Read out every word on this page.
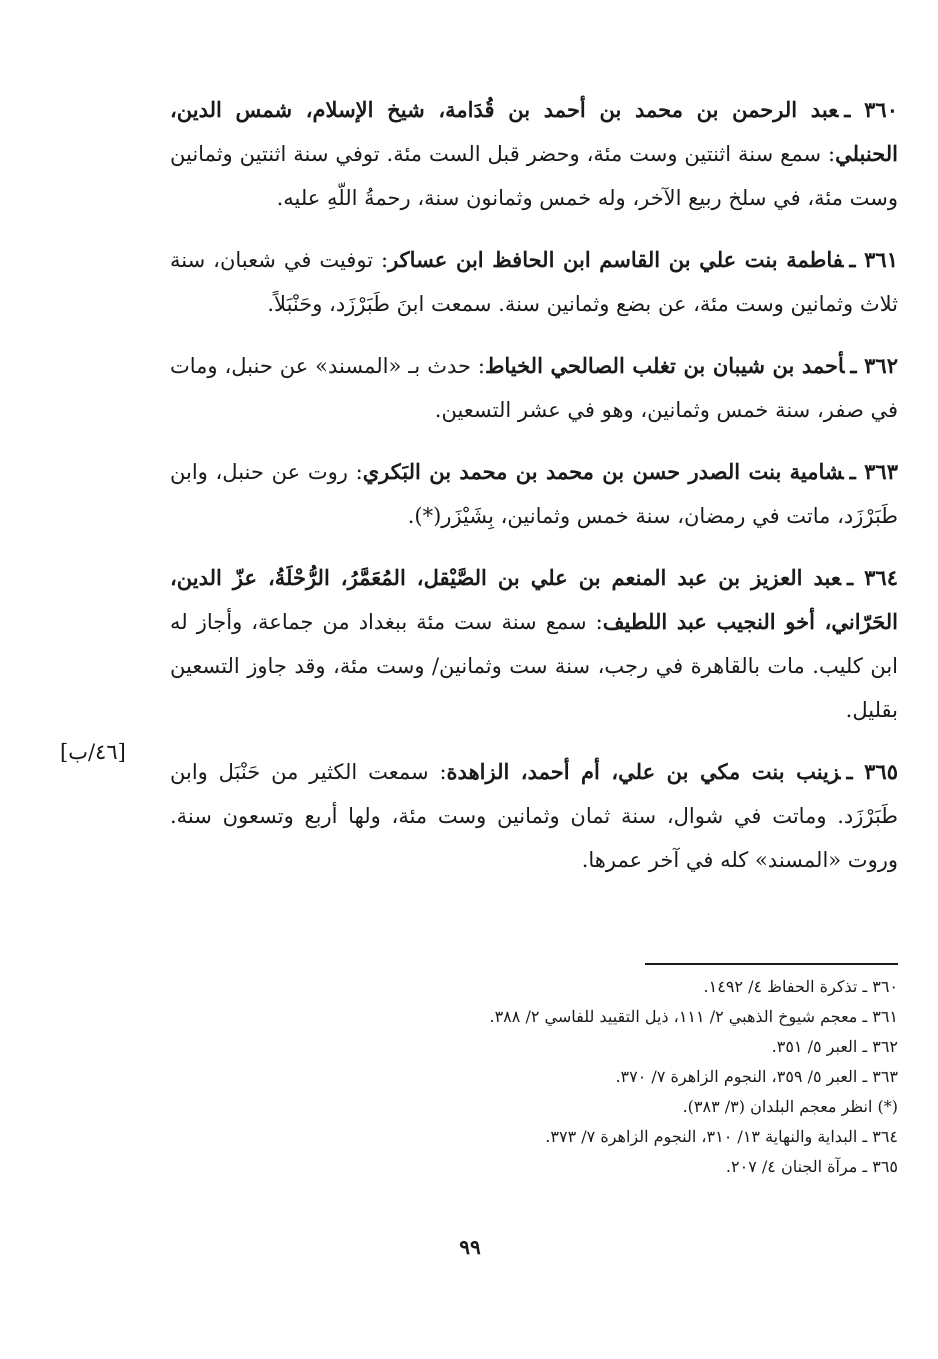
٣٦٠ ـعبد الرحمن بن محمد بن أحمد بن قُدَامة، شيخ الإسلام، شمس الدين، الحنبلي: سمع سنة اثنتين وست مئة، وحضر قبل الست مئة. توفي سنة اثنتين وثمانين وست مئة، في سلخ ربيع الآخر، وله خمس وثمانون سنة، رحمةُ اللّهِ عليه.

٣٦١ ـفاطمة بنت علي بن القاسم ابن الحافظ ابن عساكر: توفيت في شعبان، سنة ثلاث وثمانين وست مئة، عن بضع وثمانين سنة. سمعت ابنَ طَبَرْزَد، وحَنْبَلاً.

٣٦٢ ـأحمد بن شيبان بن تغلب الصالحي الخياط: حدث بـ «المسند» عن حنبل، ومات في صفر، سنة خمس وثمانين، وهو في عشر التسعين.

٣٦٣ ـشامية بنت الصدر حسن بن محمد بن محمد بن البَكري: روت عن حنبل، وابن طَبَرْزَد، ماتت في رمضان، سنة خمس وثمانين، بِشَيْزَر(*).

٣٦٤ ـعبد العزيز بن عبد المنعم بن علي بن الصَّيْقل، المُعَمَّرُ، الرُّحْلَةُ، عزّ الدين، الحَرّاني، أخو النجيب عبد اللطيف: سمع سنة ست مئة ببغداد من جماعة، وأجاز له ابن كليب. مات بالقاهرة في رجب، سنة ست وثمانين/ وست مئة، وقد جاوز التسعين بقليل.

٣٦٥ ـزينب بنت مكي بن علي، أم أحمد، الزاهدة: سمعت الكثير من حَنْبَل وابن طَبَرْزَد. وماتت في شوال، سنة ثمان وثمانين وست مئة، ولها أربع وتسعون سنة. وروت «المسند» كله في آخر عمرها.

[٤٦/ب]

٣٦٠ ـ تذكرة الحفاظ ٤/ ١٤٩٢.

٣٦١ ـ معجم شيوخ الذهبي ٢/ ١١١، ذيل التقييد للفاسي ٢/ ٣٨٨.

٣٦٢ ـ العبر ٥/ ٣٥١.

٣٦٣ ـ العبر ٥/ ٣٥٩، النجوم الزاهرة ٧/ ٣٧٠.

(*) انظر معجم البلدان (٣/ ٣٨٣).

٣٦٤ ـ البداية والنهاية ١٣/ ٣١٠، النجوم الزاهرة ٧/ ٣٧٣.

٣٦٥ ـ مرآة الجنان ٤/ ٢٠٧.

٩٩
